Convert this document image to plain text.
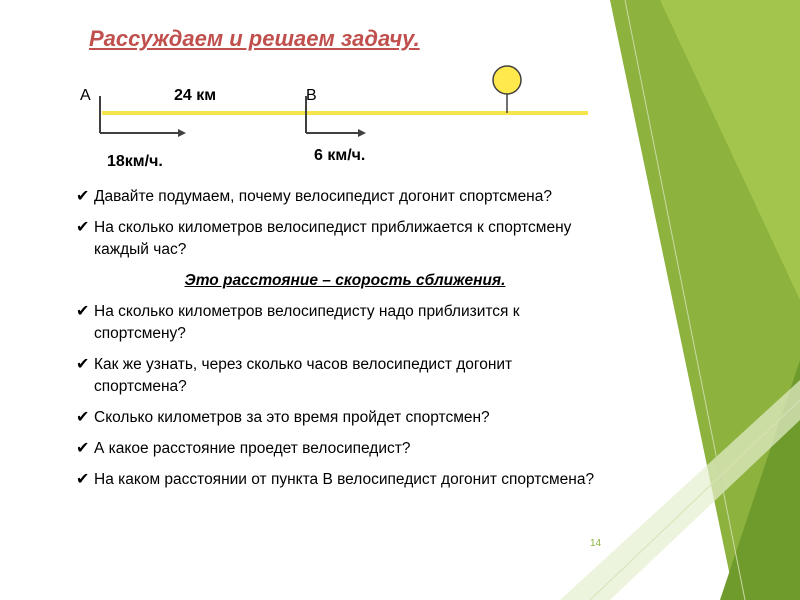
Рассуждаем и решаем задачу.
A	24 км	B
18км/ч.	6 км/ч.
✔ Давайте подумаем, почему велосипедист догонит спортсмена?
✔ На сколько километров велосипедист приближается к спортсмену каждый час?
Это расстояние – скорость сближения.
✔ На сколько километров велосипедисту надо приблизится к спортсмену?
✔ Как же узнать, через сколько часов велосипедист догонит спортсмена?
✔ Сколько километров за это время пройдет спортсмен?
✔ А какое расстояние проедет велосипедист?
✔ На каком расстоянии от пункта В велосипедист догонит спортсмена?
14
